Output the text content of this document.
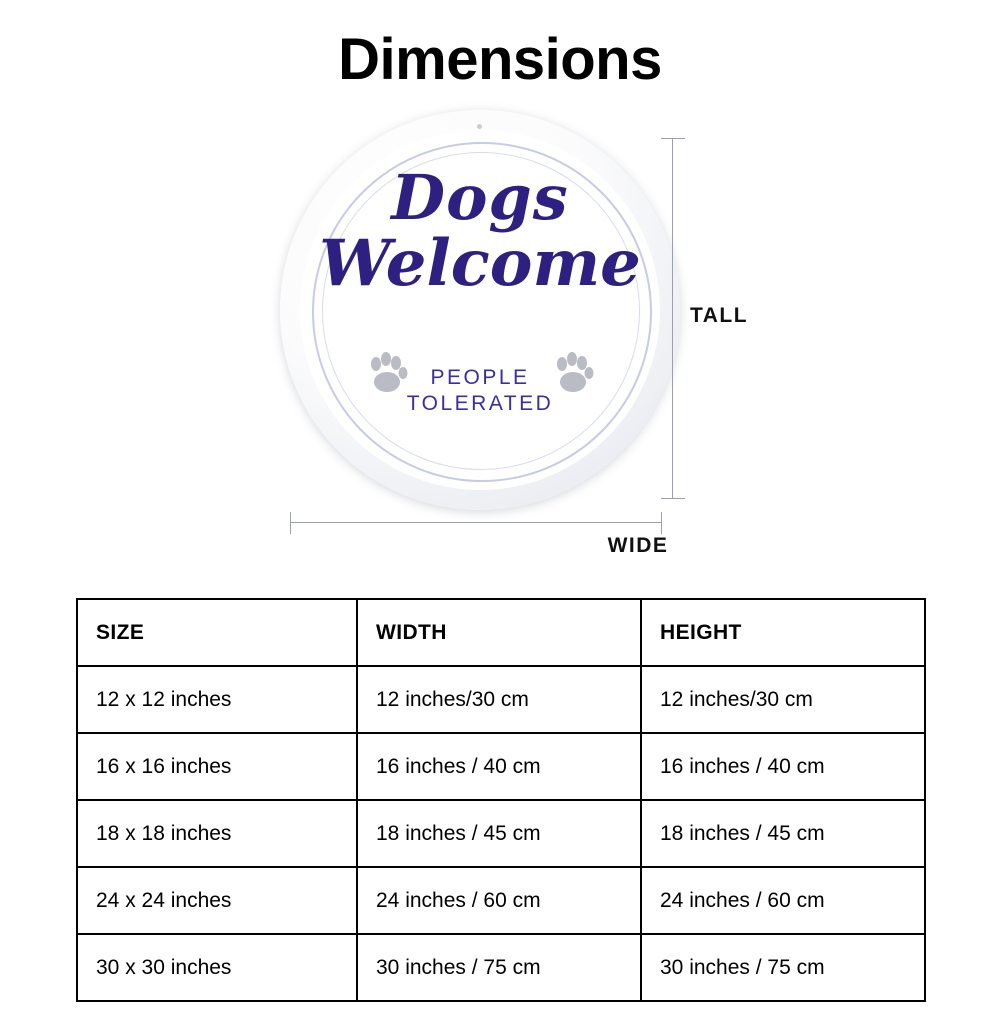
Dimensions
Dogs
Welcome
PEOPLE
TOLERATED
TALL
WIDE
SIZE	WIDTH	HEIGHT
12 x 12 inches	12 inches/30 cm	12 inches/30 cm
16 x 16 inches	16 inches / 40 cm	16 inches / 40 cm
18 x 18 inches	18 inches / 45 cm	18 inches / 45 cm
24 x 24 inches	24 inches / 60 cm	24 inches / 60 cm
30 x 30 inches	30 inches / 75 cm	30 inches / 75 cm
